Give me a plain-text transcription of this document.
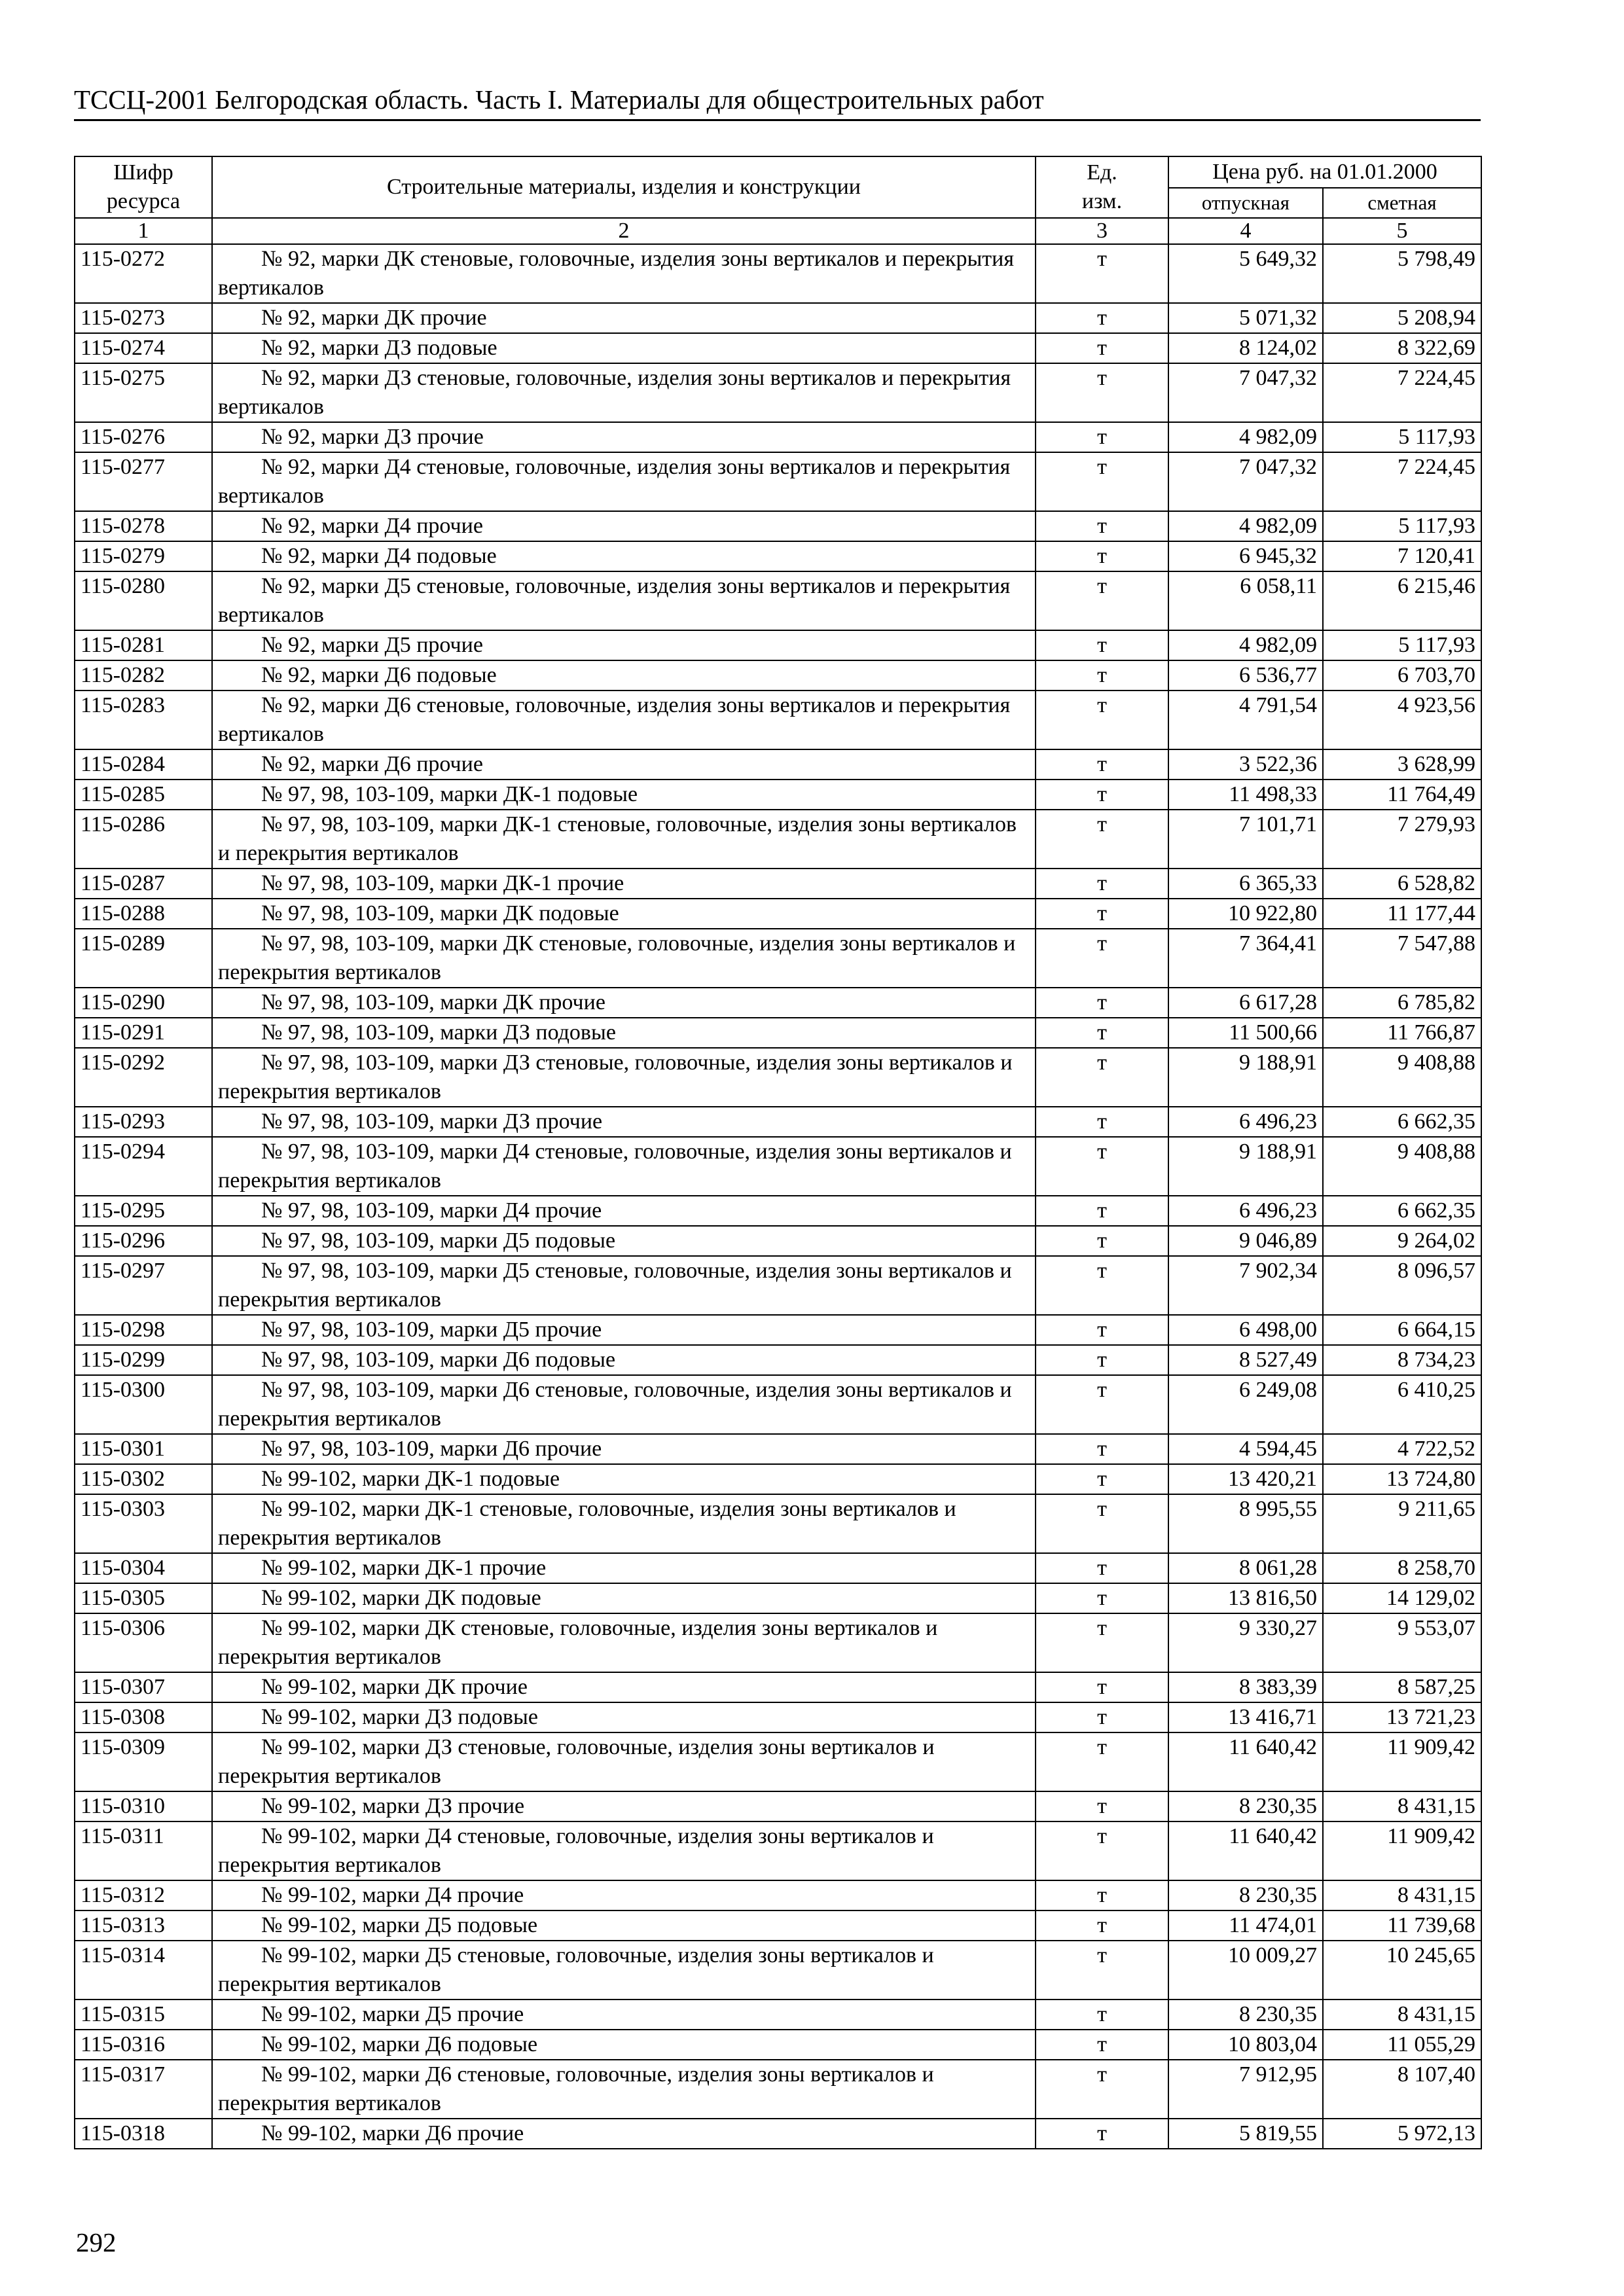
ТССЦ-2001 Белгородская область. Часть I. Материалы для общестроительных работ
Шифр ресурса	Строительные материалы, изделия и конструкции	Ед. изм.	Цена руб. на 01.01.2000	
			отпускная	сметная
1	2	3	4	5
115-0272	№ 92, марки ДК стеновые, головочные, изделия зоны вертикалов и перекрытия вертикалов	т	5 649,32	5 798,49
115-0273	№ 92, марки ДК прочие	т	5 071,32	5 208,94
115-0274	№ 92, марки ДЗ подовые	т	8 124,02	8 322,69
115-0275	№ 92, марки ДЗ стеновые, головочные, изделия зоны вертикалов и перекрытия вертикалов	т	7 047,32	7 224,45
115-0276	№ 92, марки ДЗ прочие	т	4 982,09	5 117,93
115-0277	№ 92, марки Д4 стеновые, головочные, изделия зоны вертикалов и перекрытия вертикалов	т	7 047,32	7 224,45
115-0278	№ 92, марки Д4 прочие	т	4 982,09	5 117,93
115-0279	№ 92, марки Д4 подовые	т	6 945,32	7 120,41
115-0280	№ 92, марки Д5 стеновые, головочные, изделия зоны вертикалов и перекрытия вертикалов	т	6 058,11	6 215,46
115-0281	№ 92, марки Д5 прочие	т	4 982,09	5 117,93
115-0282	№ 92, марки Д6 подовые	т	6 536,77	6 703,70
115-0283	№ 92, марки Д6 стеновые, головочные, изделия зоны вертикалов и перекрытия вертикалов	т	4 791,54	4 923,56
115-0284	№ 92, марки Д6 прочие	т	3 522,36	3 628,99
115-0285	№ 97, 98, 103-109, марки ДК-1 подовые	т	11 498,33	11 764,49
115-0286	№ 97, 98, 103-109, марки ДК-1 стеновые, головочные, изделия зоны вертикалов и перекрытия вертикалов	т	7 101,71	7 279,93
115-0287	№ 97, 98, 103-109, марки ДК-1 прочие	т	6 365,33	6 528,82
115-0288	№ 97, 98, 103-109, марки ДК подовые	т	10 922,80	11 177,44
115-0289	№ 97, 98, 103-109, марки ДК стеновые, головочные, изделия зоны вертикалов и перекрытия вертикалов	т	7 364,41	7 547,88
115-0290	№ 97, 98, 103-109, марки ДК прочие	т	6 617,28	6 785,82
115-0291	№ 97, 98, 103-109, марки ДЗ подовые	т	11 500,66	11 766,87
115-0292	№ 97, 98, 103-109, марки ДЗ стеновые, головочные, изделия зоны вертикалов и перекрытия вертикалов	т	9 188,91	9 408,88
115-0293	№ 97, 98, 103-109, марки ДЗ прочие	т	6 496,23	6 662,35
115-0294	№ 97, 98, 103-109, марки Д4 стеновые, головочные, изделия зоны вертикалов и перекрытия вертикалов	т	9 188,91	9 408,88
115-0295	№ 97, 98, 103-109, марки Д4 прочие	т	6 496,23	6 662,35
115-0296	№ 97, 98, 103-109, марки Д5 подовые	т	9 046,89	9 264,02
115-0297	№ 97, 98, 103-109, марки Д5 стеновые, головочные, изделия зоны вертикалов и перекрытия вертикалов	т	7 902,34	8 096,57
115-0298	№ 97, 98, 103-109, марки Д5 прочие	т	6 498,00	6 664,15
115-0299	№ 97, 98, 103-109, марки Д6 подовые	т	8 527,49	8 734,23
115-0300	№ 97, 98, 103-109, марки Д6 стеновые, головочные, изделия зоны вертикалов и перекрытия вертикалов	т	6 249,08	6 410,25
115-0301	№ 97, 98, 103-109, марки Д6 прочие	т	4 594,45	4 722,52
115-0302	№ 99-102, марки ДК-1 подовые	т	13 420,21	13 724,80
115-0303	№ 99-102, марки ДК-1 стеновые, головочные, изделия зоны вертикалов и перекрытия вертикалов	т	8 995,55	9 211,65
115-0304	№ 99-102, марки ДК-1 прочие	т	8 061,28	8 258,70
115-0305	№ 99-102, марки ДК подовые	т	13 816,50	14 129,02
115-0306	№ 99-102, марки ДК стеновые, головочные, изделия зоны вертикалов и перекрытия вертикалов	т	9 330,27	9 553,07
115-0307	№ 99-102, марки ДК прочие	т	8 383,39	8 587,25
115-0308	№ 99-102, марки ДЗ подовые	т	13 416,71	13 721,23
115-0309	№ 99-102, марки ДЗ стеновые, головочные, изделия зоны вертикалов и перекрытия вертикалов	т	11 640,42	11 909,42
115-0310	№ 99-102, марки ДЗ прочие	т	8 230,35	8 431,15
115-0311	№ 99-102, марки Д4 стеновые, головочные, изделия зоны вертикалов и перекрытия вертикалов	т	11 640,42	11 909,42
115-0312	№ 99-102, марки Д4 прочие	т	8 230,35	8 431,15
115-0313	№ 99-102, марки Д5 подовые	т	11 474,01	11 739,68
115-0314	№ 99-102, марки Д5 стеновые, головочные, изделия зоны вертикалов и перекрытия вертикалов	т	10 009,27	10 245,65
115-0315	№ 99-102, марки Д5 прочие	т	8 230,35	8 431,15
115-0316	№ 99-102, марки Д6 подовые	т	10 803,04	11 055,29
115-0317	№ 99-102, марки Д6 стеновые, головочные, изделия зоны вертикалов и перекрытия вертикалов	т	7 912,95	8 107,40
115-0318	№ 99-102, марки Д6 прочие	т	5 819,55	5 972,13
292
